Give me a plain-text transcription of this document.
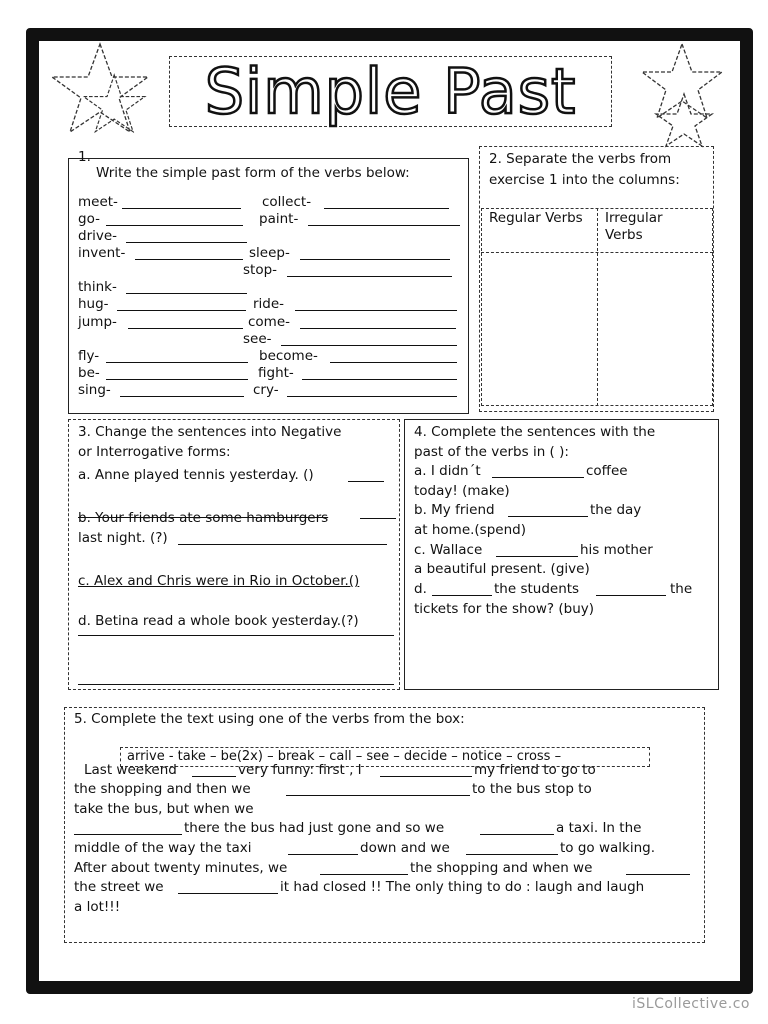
Simple Past
1.
Write the simple past form of the verbs below:
meet-	collect-
go-	paint-
drive-
invent-	sleep-
stop-
think-
hug-	ride-
jump-	come-
see-
fly-	become-
be-	fight-
sing-	cry-
2. Separate the verbs from
exercise 1 into the columns:
Regular Verbs	Irregular Verbs
3. Change the sentences into Negative
or Interrogative forms:
a. Anne played tennis yesterday. ()
b. Your friends ate some hamburgers
last night. (?)
c. Alex and Chris were in Rio in October.()
d. Betina read a whole book yesterday.(?)
4. Complete the sentences with the
past of the verbs in ( ):
a. I didn´t	coffee
today! (make)
b. My friend	the day
at home.(spend)
c. Wallace	his mother
a beautiful present. (give)
d.	the students	the
tickets for the show? (buy)
5. Complete the text using one of the verbs from the box:
arrive - take – be(2x) – break – call – see – decide – notice – cross –
Last weekend	very funny: first , I	my friend to go to
the shopping and then we	to the bus stop to
take the bus, but when we
there the bus had just gone and so we	a taxi. In the
middle of the way the taxi	down and we	to go walking.
After about twenty minutes, we	the shopping and when we
the street we	it had closed !! The only thing to do : laugh and laugh
a lot!!!
iSLCollective.co
